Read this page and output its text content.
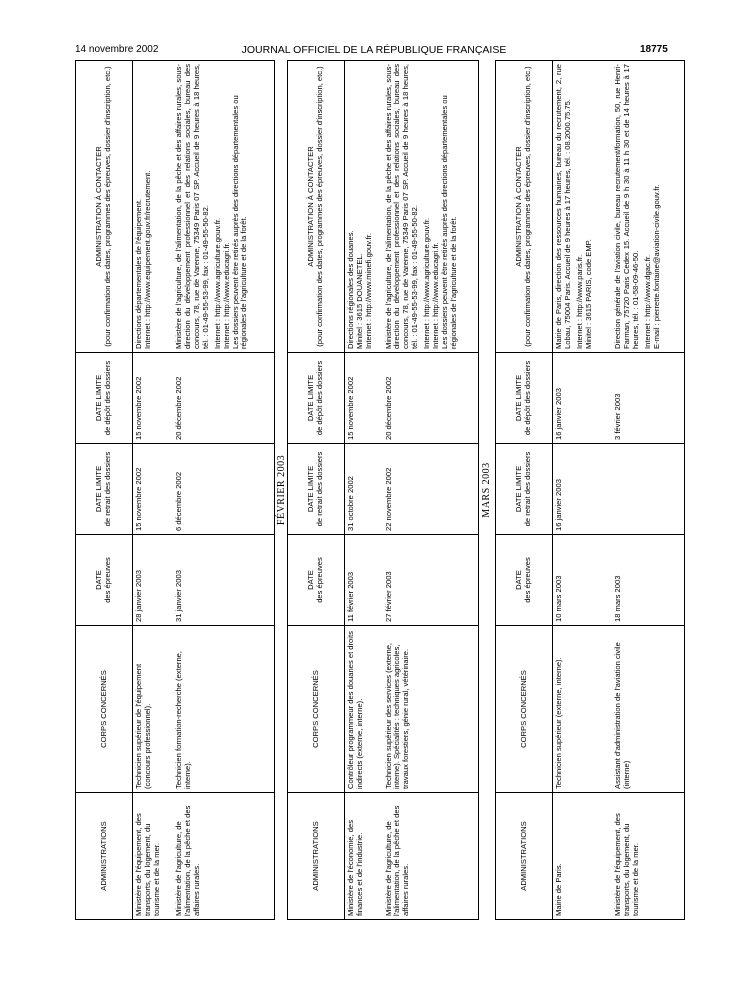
14 novembre 2002	JOURNAL OFFICIEL DE LA RÉPUBLIQUE FRANÇAISE	18775
ADMINISTRATIONS	CORPS CONCERNÉS	DATE des épreuves	DATE LIMITE de retrait des dossiers	DATE LIMITE de dépôt des dossiers	ADMINISTRATION À CONTACTER (pour confirmation des dates, programmes des épreuves, dossier d'inscription, etc.)

Ministère de l'équipement, des transports, du logement, du tourisme et de la mer.	Technicien supérieur de l'équipement (concours professionnel).	28 janvier 2003	15 novembre 2002	15 novembre 2002	Directions départementales de l'équipement. Internet : http://www.equipement.gouv.fr/recrutement.

Ministère de l'agriculture, de l'alimentation, de la pêche et des affaires rurales.	Technicien formation-recherche (externe, interne).	31 janvier 2003	6 décembre 2002	20 décembre 2002	Ministère de l'agriculture, de l'alimentation, de la pêche et des affaires rurales, sous-direction du développement professionnel et des relations sociales, bureau des concours, 78, rue de Varenne, 75349 Paris 07 SP. Accueil de 9 heures à 18 heures, tél. : 01-49-55-53-99, fax : 01-49-55-50-82. Internet : http://www.agriculture.gouv.fr. Internet : http://www.educagri.fr. Les dossiers peuvent être retirés auprès des directions départementales ou régionales de l'agriculture et de la forêt.
FÉVRIER 2003
ADMINISTRATIONS	CORPS CONCERNÉS	DATE des épreuves	DATE LIMITE de retrait des dossiers	DATE LIMITE de dépôt des dossiers	ADMINISTRATION À CONTACTER (pour confirmation des dates, programmes des épreuves, dossier d'inscription, etc.)

Ministère de l'économie, des finances et de l'industrie.	Contrôleur programmeur des douanes et droits indirects (externe, interne).	11 février 2003	31 octobre 2002	15 novembre 2002	Directions régionales des douanes. Minitel : 3615 DOUANETEL. Internet : http://www.minefi.gouv.fr.

Ministère de l'agriculture, de l'alimentation, de la pêche et des affaires rurales.	Technicien supérieur des services (externe, interne). Spécialités : techniques agricoles, travaux forestiers, génie rural, vétérinaire.	27 février 2003	22 novembre 2002	20 décembre 2002	Ministère de l'agriculture, de l'alimentation, de la pêche et des affaires rurales, sous-direction du développement professionnel et des relations sociales, bureau des concours, 78, rue de Varenne, 75349 Paris 07 SP. Accueil de 9 heures à 18 heures, tél. : 01-49-55-53-99, fax : 01-49-55-50-82. Internet : http://www.agriculture.gouv.fr. Internet : http://www.educagri.fr. Les dossiers peuvent être retirés auprès des directions départementales ou régionales de l'agriculture et de la forêt.
MARS 2003
ADMINISTRATIONS	CORPS CONCERNÉS	DATE des épreuves	DATE LIMITE de retrait des dossiers	DATE LIMITE de dépôt des dossiers	ADMINISTRATION À CONTACTER (pour confirmation des dates, programmes des épreuves, dossier d'inscription, etc.)

Mairie de Paris.	Technicien supérieur (externe, interne).	10 mars 2003	16 janvier 2003	16 janvier 2003	Mairie de Paris, direction des ressources humaines, bureau du recrutement, 2, rue Lobau, 75004 Paris. Accueil de 9 heures à 17 heures, tél. : 08.2000.75.75. Internet : http://www.paris.fr. Minitel : 3615 PARIS, code EMP.

Ministère de l'équipement, des transports, du logement, du tourisme et de la mer.	Assistant d'administration de l'aviation civile (interne)	18 mars 2003		3 février 2003	Direction générale de l'aviation civile, bureau recrutement/formation, 50, rue Henri-Farman, 75720 Paris Cedex 15. Accueil de 9 h 30 à 11 h 30 et de 14 heures à 17 heures, tél. : 01-58-09-46-50. Internet : http://www.dgac.fr. E-mail : pierrette.fontaine@aviation-civile.gouv.fr.
